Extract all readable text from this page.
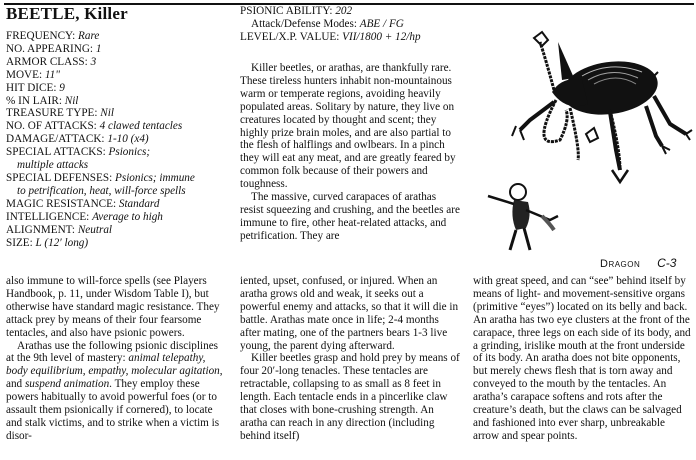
BEETLE, Killer
FREQUENCY: Rare
NO. APPEARING: 1
ARMOR CLASS: 3
MOVE: 11"
HIT DICE: 9
% IN LAIR: Nil
TREASURE TYPE: Nil
NO. OF ATTACKS: 4 clawed tentacles
DAMAGE/ATTACK: 1-10 (x4)
SPECIAL ATTACKS: Psionics;
multiple attacks
SPECIAL DEFENSES: Psionics; immune
to petrification, heat, will-force spells
MAGIC RESISTANCE: Standard
INTELLIGENCE: Average to high
ALIGNMENT: Neutral
SIZE: L (12′ long)
PSIONIC ABILITY: 202
Attack/Defense Modes: ABE / FG
LEVEL/X.P. VALUE: VII/1800 + 12/hp

Killer beetles, or arathas, are thankfully rare. These tireless hunters inhabit non-mountainous warm or temperate regions, avoiding heavily populated areas. Solitary by nature, they live on creatures located by thought and scent; they highly prize brain moles, and are also partial to the flesh of halflings and owlbears. In a pinch they will eat any meat, and are greatly feared by common folk because of their powers and toughness.

The massive, curved carapaces of arathas resist squeezing and crushing, and the beetles are immune to fire, other heat-related attacks, and petrification. They are

Dragon C-3

also immune to will-force spells (see Players Handbook, p. 11, under Wisdom Table I), but otherwise have standard magic resistance. They attack prey by means of their four fearsome tentacles, and also have psionic powers.

Arathas use the following psionic disciplines at the 9th level of mastery: animal telepathy, body equilibrium, empathy, molecular agitation, and suspend animation. They employ these powers habitually to avoid powerful foes (or to assault them psionically if cornered), to locate and stalk victims, and to strike when a victim is disor-

iented, upset, confused, or injured. When an aratha grows old and weak, it seeks out a powerful enemy and attacks, so that it will die in battle. Arathas mate once in life; 2-4 months after mating, one of the partners bears 1-3 live young, the parent dying afterward.

Killer beetles grasp and hold prey by means of four 20′-long tenacles. These tentacles are retractable, collapsing to as small as 8 feet in length. Each tentacle ends in a pincerlike claw that closes with bone-crushing strength. An aratha can reach in any direction (including behind itself)

with great speed, and can “see” behind itself by means of light- and movement-sensitive organs (primitive “eyes”) located on its belly and back. An aratha has two eye clusters at the front of the carapace, three legs on each side of its body, and a grinding, irislike mouth at the front underside of its body. An aratha does not bite opponents, but merely chews flesh that is torn away and conveyed to the mouth by the tentacles. An aratha’s carapace softens and rots after the creature’s death, but the claws can be salvaged and fashioned into ever sharp, unbreakable arrow and spear points.
